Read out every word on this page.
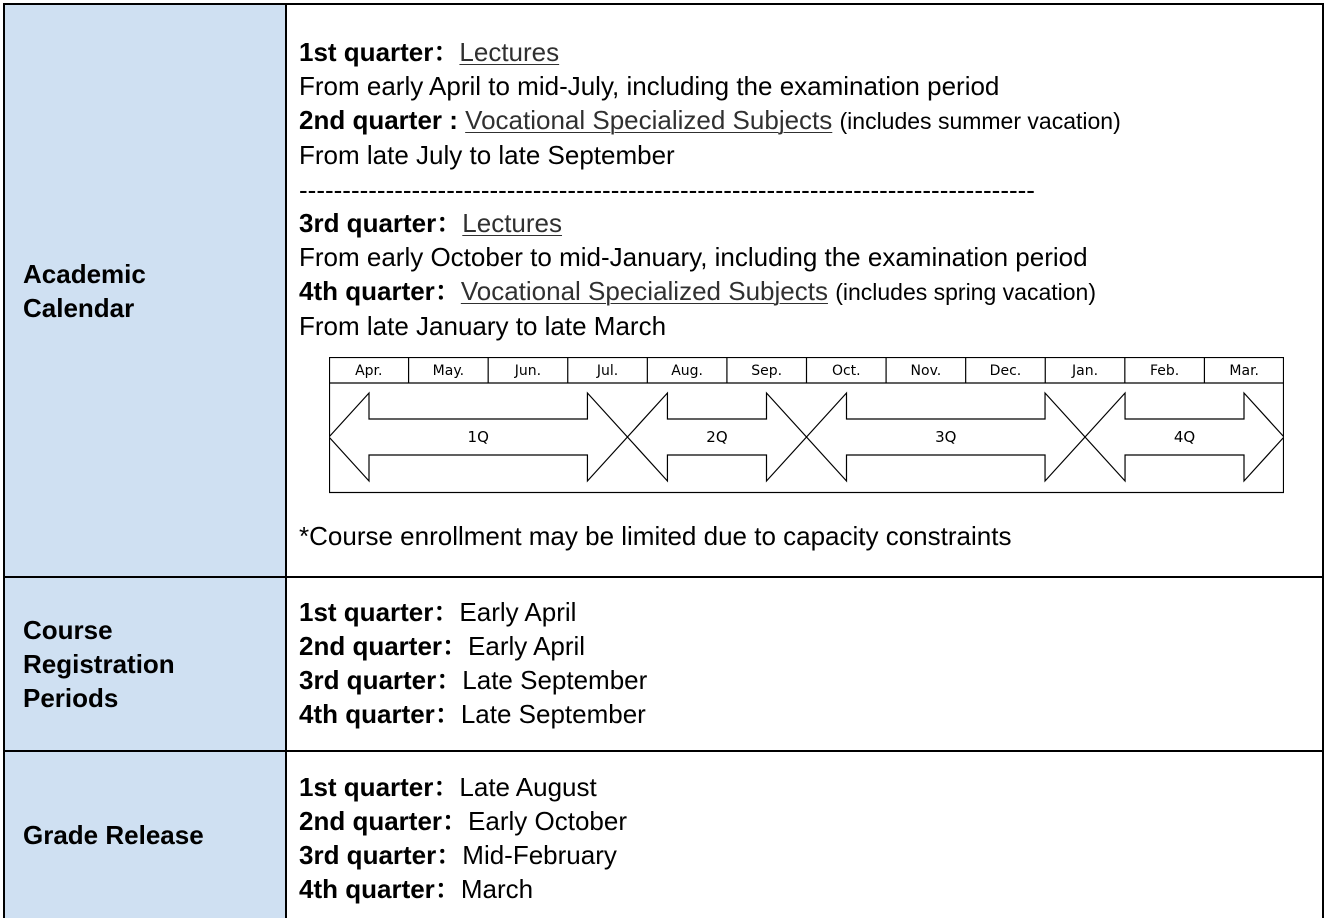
Academic
Calendar
1st quarter：Lectures
From early April to mid-July, including the examination period
2nd quarter : Vocational Specialized Subjects (includes summer vacation)
From late July to late September
-------------------------------------------------------------------------------------
3rd quarter：Lectures
From early October to mid-January, including the examination period
4th quarter：Vocational Specialized Subjects (includes spring vacation)
From late January to late March
Apr.	May.	Jun.	Jul.	Aug.	Sep.	Oct.	Nov.	Dec.	Jan.	Feb.	Mar.
1Q	2Q	3Q	4Q
*Course enrollment may be limited due to capacity constraints
Course
Registration
Periods
1st quarter：Early April
2nd quarter：Early April
3rd quarter：Late September
4th quarter：Late September
Grade Release
1st quarter：Late August
2nd quarter：Early October
3rd quarter：Mid-February
4th quarter：March
